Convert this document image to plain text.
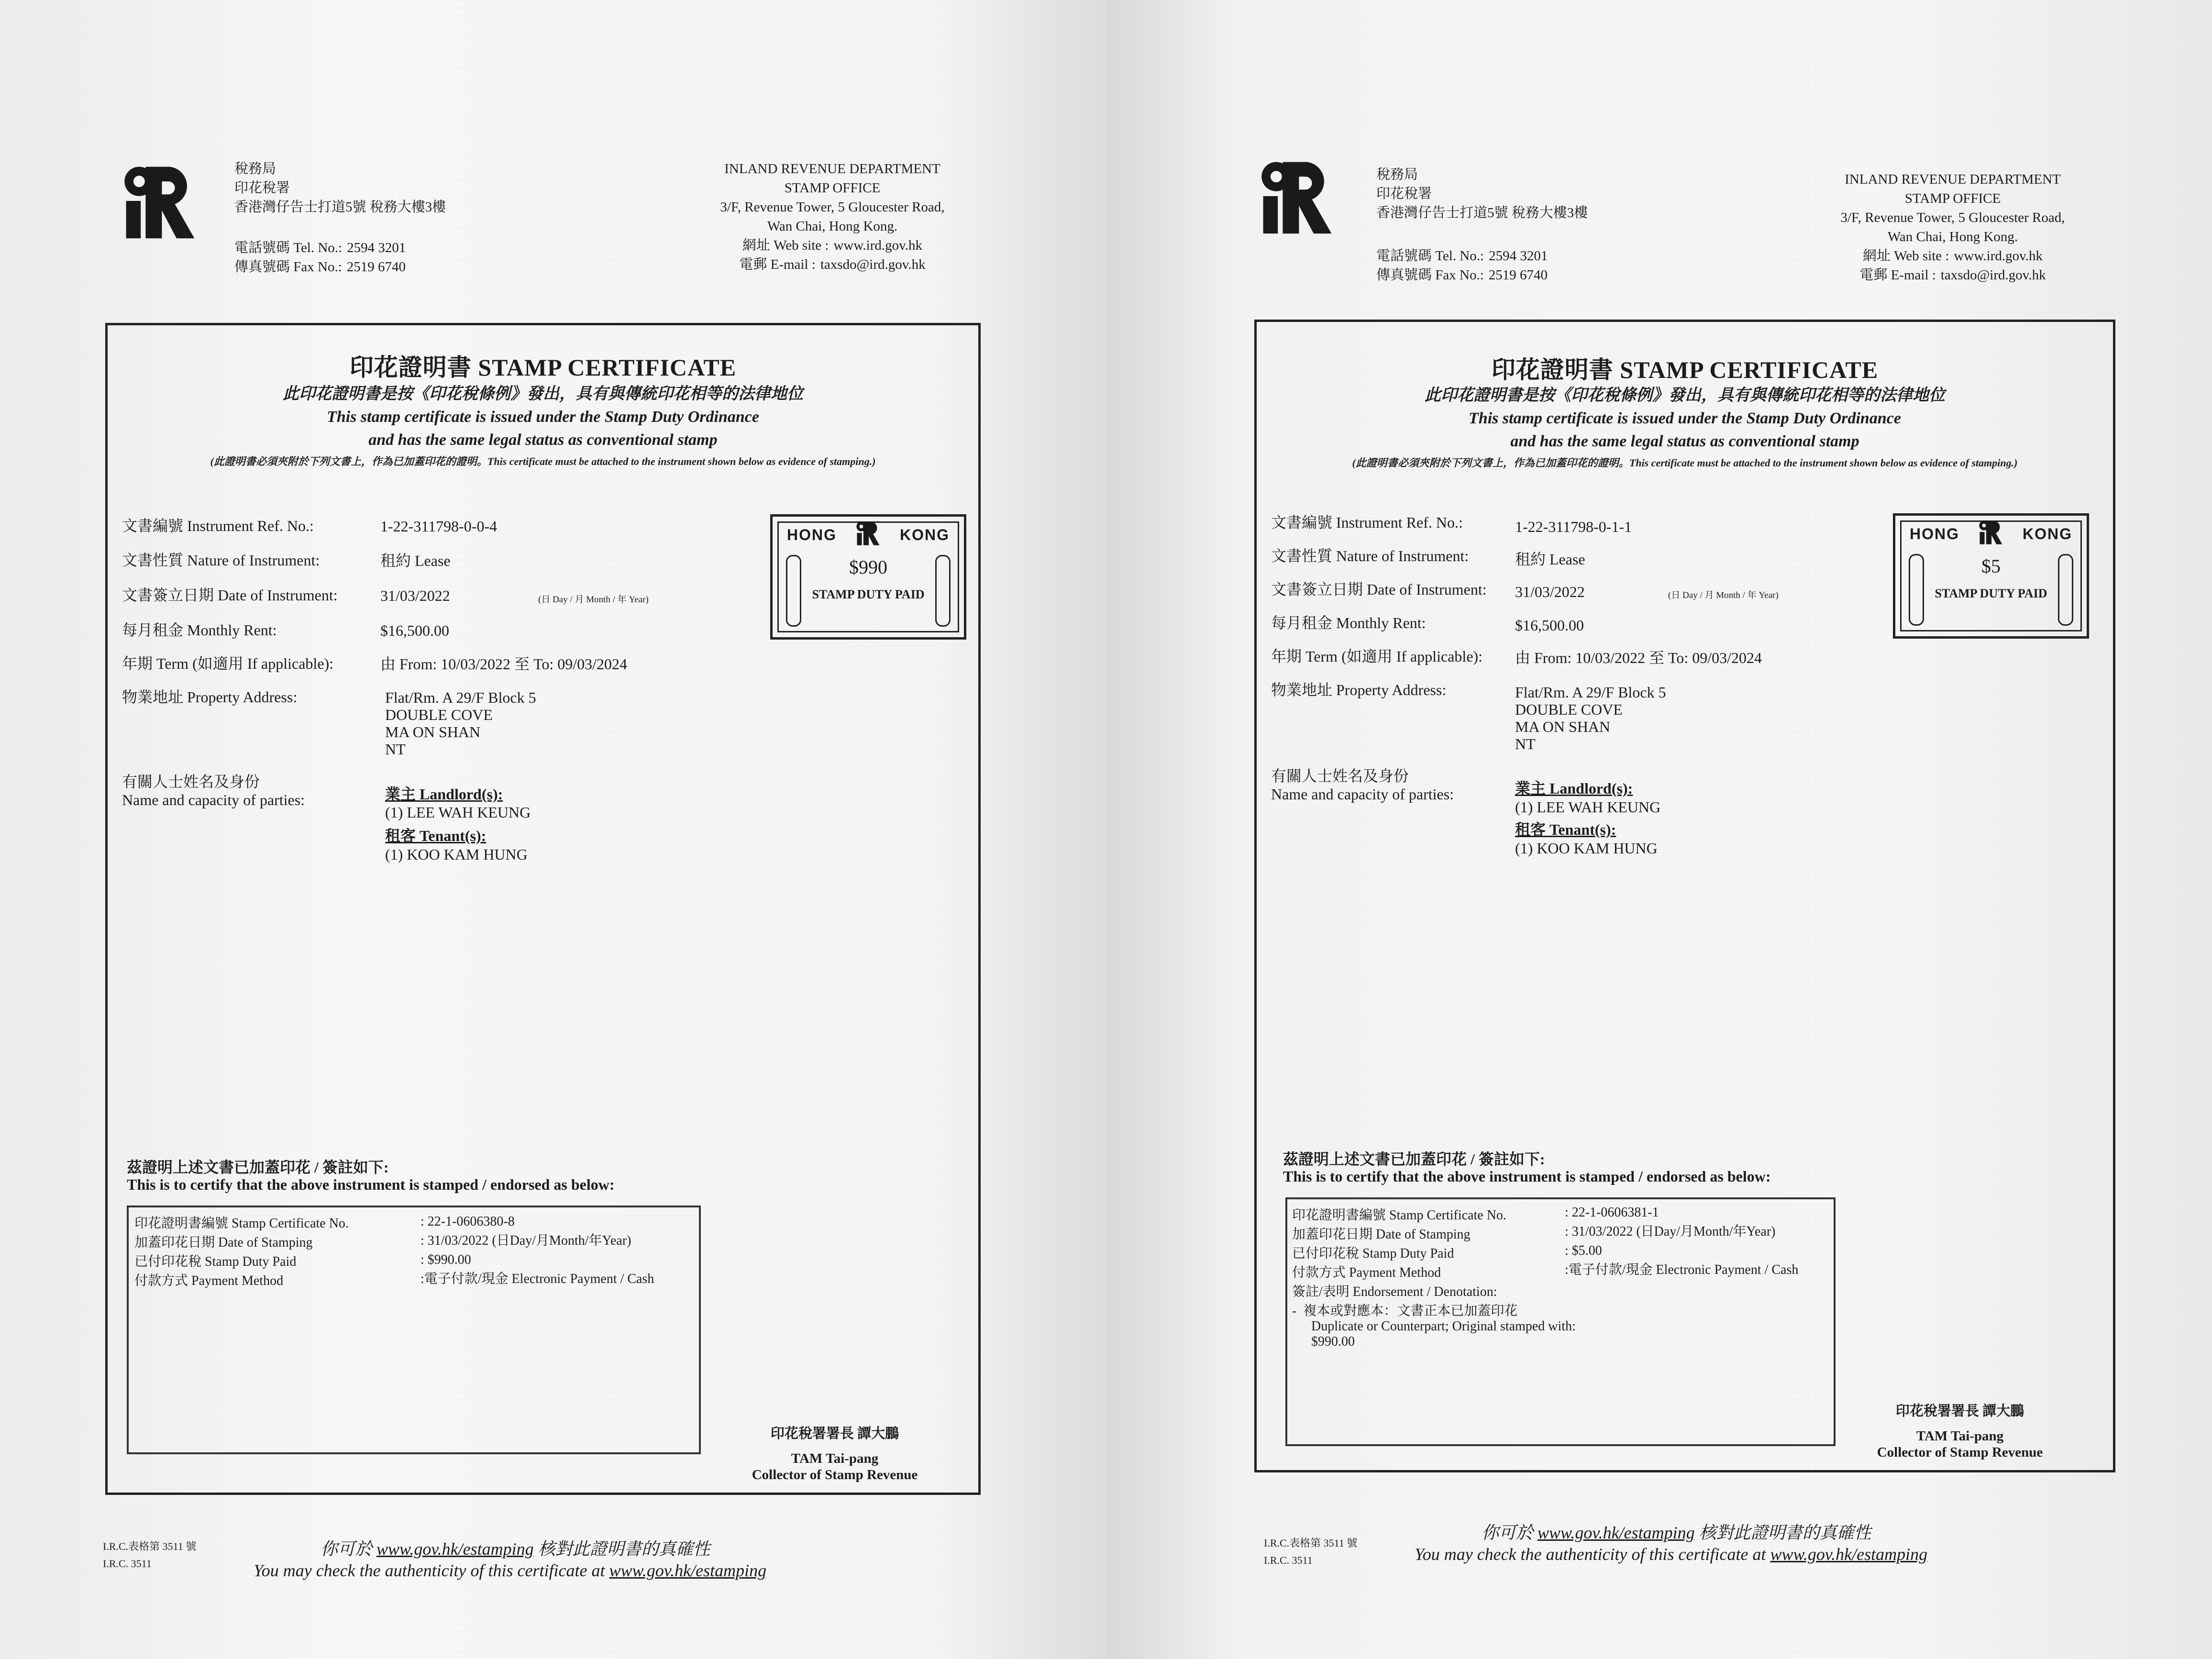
稅務局
印花稅署
香港灣仔告士打道5號 稅務大樓3樓
電話號碼 Tel. No.: 2594 3201
傳真號碼 Fax No.: 2519 6740
INLAND REVENUE DEPARTMENT
STAMP OFFICE
3/F, Revenue Tower, 5 Gloucester Road,
Wan Chai, Hong Kong.
網址 Web site : www.ird.gov.hk
電郵 E-mail : taxsdo@ird.gov.hk
印花證明書 STAMP CERTIFICATE
此印花證明書是按《印花稅條例》發出，具有與傳統印花相等的法律地位
This stamp certificate is issued under the Stamp Duty Ordinance
and has the same legal status as conventional stamp
(此證明書必須夾附於下列文書上，作為已加蓋印花的證明。This certificate must be attached to the instrument shown below as evidence of stamping.)
文書編號 Instrument Ref. No.:	1-22-311798-0-0-4
文書性質 Nature of Instrument:	租約 Lease
文書簽立日期 Date of Instrument:	31/03/2022	(日 Day / 月 Month / 年 Year)
每月租金 Monthly Rent:	$16,500.00
年期 Term (如適用 If applicable):	由 From: 10/03/2022 至 To: 09/03/2024
物業地址 Property Address:	Flat/Rm. A 29/F Block 5
DOUBLE COVE
MA ON SHAN
NT
有關人士姓名及身份
Name and capacity of parties:	業主 Landlord(s):
(1) LEE WAH KEUNG
租客 Tenant(s):
(1) KOO KAM HUNG
HONG	KONG
$990
STAMP DUTY PAID
茲證明上述文書已加蓋印花 / 簽註如下:
This is to certify that the above instrument is stamped / endorsed as below:
印花證明書編號 Stamp Certificate No.	: 22-1-0606380-8
加蓋印花日期 Date of Stamping	: 31/03/2022 (日Day/月Month/年Year)
已付印花稅 Stamp Duty Paid	: $990.00
付款方式 Payment Method	:電子付款/現金 Electronic Payment / Cash
印花稅署署長 譚大鵬
TAM Tai-pang
Collector of Stamp Revenue
I.R.C.表格第 3511 號
I.R.C. 3511
你可於 www.gov.hk/estamping 核對此證明書的真確性
You may check the authenticity of this certificate at www.gov.hk/estamping
稅務局
印花稅署
香港灣仔告士打道5號 稅務大樓3樓
電話號碼 Tel. No.: 2594 3201
傳真號碼 Fax No.: 2519 6740
INLAND REVENUE DEPARTMENT
STAMP OFFICE
3/F, Revenue Tower, 5 Gloucester Road,
Wan Chai, Hong Kong.
網址 Web site : www.ird.gov.hk
電郵 E-mail : taxsdo@ird.gov.hk
印花證明書 STAMP CERTIFICATE
此印花證明書是按《印花稅條例》發出，具有與傳統印花相等的法律地位
This stamp certificate is issued under the Stamp Duty Ordinance
and has the same legal status as conventional stamp
(此證明書必須夾附於下列文書上，作為已加蓋印花的證明。This certificate must be attached to the instrument shown below as evidence of stamping.)
文書編號 Instrument Ref. No.:	1-22-311798-0-1-1
文書性質 Nature of Instrument:	租約 Lease
文書簽立日期 Date of Instrument: 31/03/2022	(日 Day / 月 Month / 年 Year)
每月租金 Monthly Rent:	$16,500.00
年期 Term (如適用 If applicable): 由 From: 10/03/2022 至 To: 09/03/2024
物業地址 Property Address:	Flat/Rm. A 29/F Block 5
DOUBLE COVE
MA ON SHAN
NT
有關人士姓名及身份
Name and capacity of parties:	業主 Landlord(s):
(1) LEE WAH KEUNG
租客 Tenant(s):
(1) KOO KAM HUNG
HONG	KONG
$5
STAMP DUTY PAID
茲證明上述文書已加蓋印花 / 簽註如下:
This is to certify that the above instrument is stamped / endorsed as below:
印花證明書編號 Stamp Certificate No.	: 22-1-0606381-1
加蓋印花日期 Date of Stamping	: 31/03/2022 (日Day/月Month/年Year)
已付印花稅 Stamp Duty Paid	: $5.00
付款方式 Payment Method	:電子付款/現金 Electronic Payment / Cash
簽註/表明 Endorsement / Denotation:
-  複本或對應本：文書正本已加蓋印花
Duplicate or Counterpart; Original stamped with:
$990.00
印花稅署署長 譚大鵬
TAM Tai-pang
Collector of Stamp Revenue
I.R.C.表格第 3511 號
I.R.C. 3511
你可於 www.gov.hk/estamping 核對此證明書的真確性
You may check the authenticity of this certificate at www.gov.hk/estamping
